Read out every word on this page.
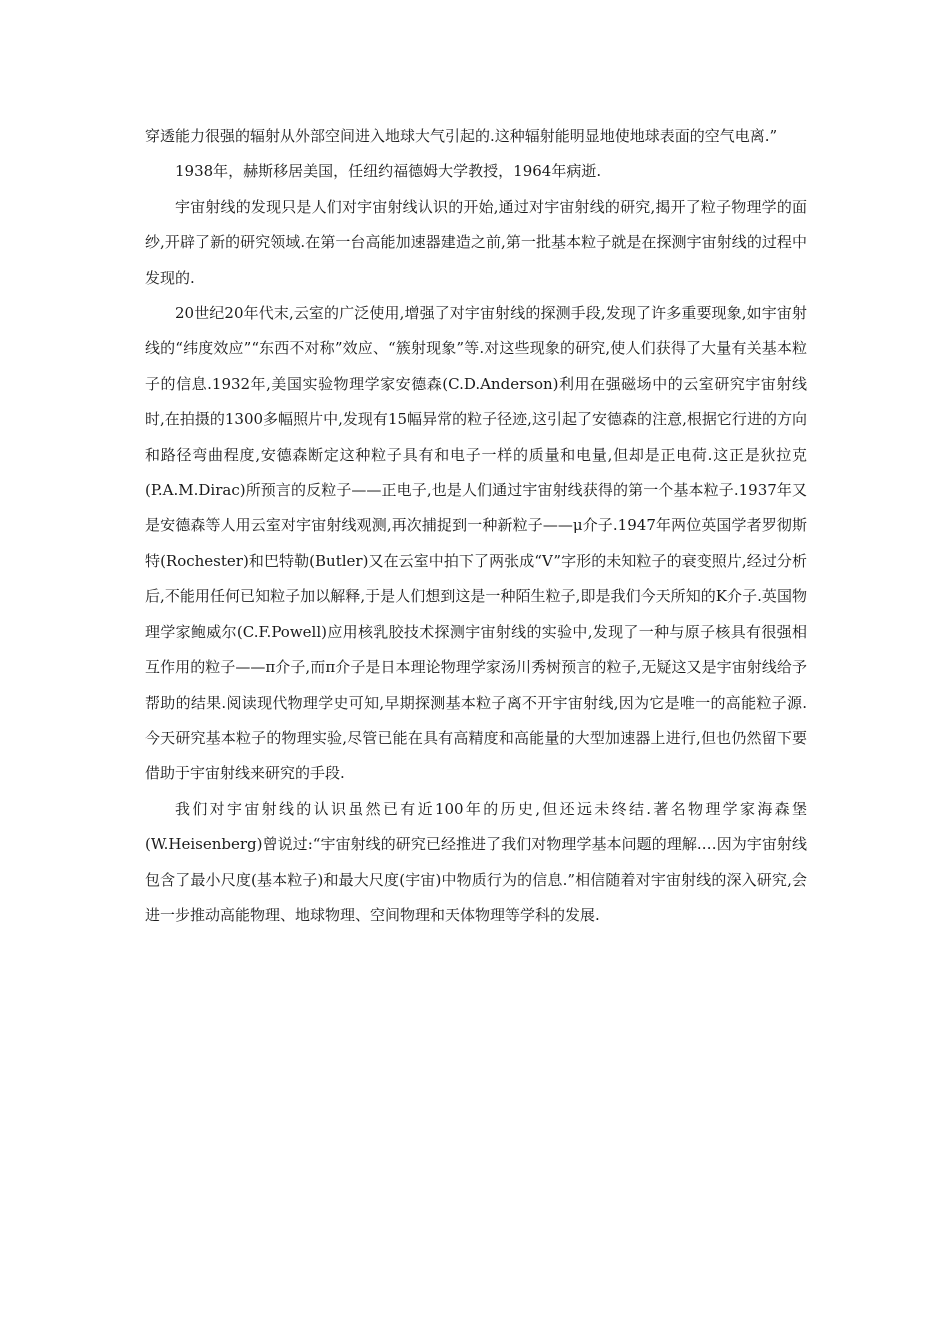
穿透能力很强的辐射从外部空间进入地球大气引起的.这种辐射能明显地使地球表面的空气电离.”

1938年，赫斯移居美国，任纽约福德姆大学教授，1964年病逝.

宇宙射线的发现只是人们对宇宙射线认识的开始,通过对宇宙射线的研究,揭开了粒子物理学的面纱,开辟了新的研究领域.在第一台高能加速器建造之前,第一批基本粒子就是在探测宇宙射线的过程中发现的.

20世纪20年代末,云室的广泛使用,增强了对宇宙射线的探测手段,发现了许多重要现象,如宇宙射线的“纬度效应”“东西不对称”效应、“簇射现象”等.对这些现象的研究,使人们获得了大量有关基本粒子的信息.1932年,美国实验物理学家安德森(C.D.Anderson)利用在强磁场中的云室研究宇宙射线时,在拍摄的1300多幅照片中,发现有15幅异常的粒子径迹,这引起了安德森的注意,根据它行进的方向和路径弯曲程度,安德森断定这种粒子具有和电子一样的质量和电量,但却是正电荷.这正是狄拉克(P.A.M.Dirac)所预言的反粒子——正电子,也是人们通过宇宙射线获得的第一个基本粒子.1937年又是安德森等人用云室对宇宙射线观测,再次捕捉到一种新粒子——μ介子.1947年两位英国学者罗彻斯特(Rochester)和巴特勒(Butler)又在云室中拍下了两张成“V”字形的未知粒子的衰变照片,经过分析后,不能用任何已知粒子加以解释,于是人们想到这是一种陌生粒子,即是我们今天所知的K介子.英国物理学家鲍威尔(C.F.Powell)应用核乳胶技术探测宇宙射线的实验中,发现了一种与原子核具有很强相互作用的粒子——π介子,而π介子是日本理论物理学家汤川秀树预言的粒子,无疑这又是宇宙射线给予帮助的结果.阅读现代物理学史可知,早期探测基本粒子离不开宇宙射线,因为它是唯一的高能粒子源.今天研究基本粒子的物理实验,尽管已能在具有高精度和高能量的大型加速器上进行,但也仍然留下要借助于宇宙射线来研究的手段.

我们对宇宙射线的认识虽然已有近100年的历史,但还远未终结.著名物理学家海森堡(W.Heisenberg)曾说过:“宇宙射线的研究已经推进了我们对物理学基本问题的理解.…因为宇宙射线包含了最小尺度(基本粒子)和最大尺度(宇宙)中物质行为的信息.”相信随着对宇宙射线的深入研究,会进一步推动高能物理、地球物理、空间物理和天体物理等学科的发展.
